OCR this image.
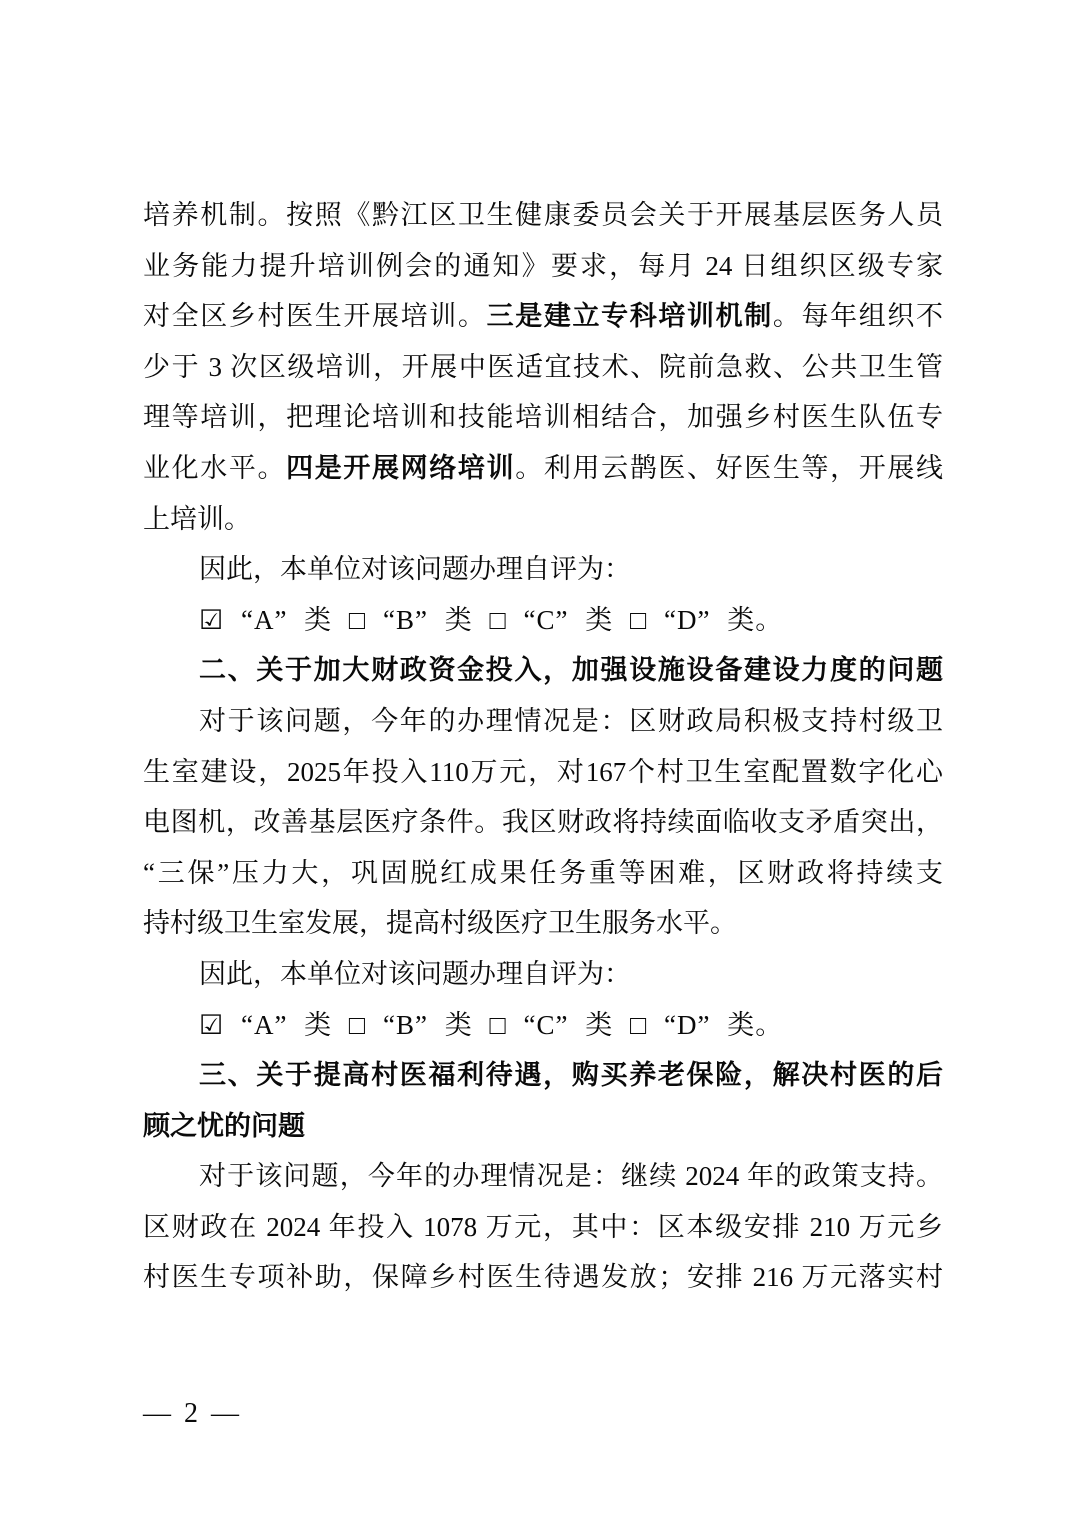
培养机制。按照《黔江区卫生健康委员会关于开展基层医务人员
业务能力提升培训例会的通知》要求，每月 24 日组织区级专家
对全区乡村医生开展培训。三是建立专科培训机制。每年组织不
少于 3 次区级培训，开展中医适宜技术、院前急救、公共卫生管
理等培训，把理论培训和技能培训相结合，加强乡村医生队伍专
业化水平。四是开展网络培训。利用云鹊医、好医生等，开展线
上培训。
因此，本单位对该问题办理自评为：
☑ “A” 类 □ “B” 类 □ “C” 类 □ “D” 类。
二、关于加大财政资金投入，加强设施设备建设力度的问题
对于该问题，今年的办理情况是：区财政局积极支持村级卫
生室建设，2025年投入110万元，对167个村卫生室配置数字化心
电图机，改善基层医疗条件。我区财政将持续面临收支矛盾突出，
“三保”压力大，巩固脱红成果任务重等困难，区财政将持续支
持村级卫生室发展，提高村级医疗卫生服务水平。
因此，本单位对该问题办理自评为：
☑ “A” 类 □ “B” 类 □ “C” 类 □ “D” 类。
三、关于提高村医福利待遇，购买养老保险，解决村医的后
顾之忧的问题
对于该问题，今年的办理情况是：继续 2024 年的政策支持。
区财政在 2024 年投入 1078 万元，其中：区本级安排 210 万元乡
村医生专项补助，保障乡村医生待遇发放；安排 216 万元落实村
— 2 —
